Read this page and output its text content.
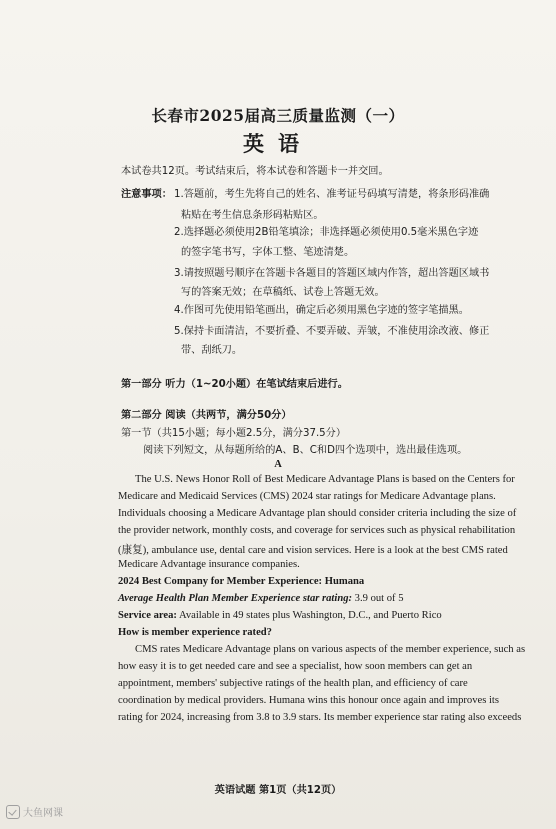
长春市2025届高三质量监测（一）
英语
本试卷共12页。考试结束后，将本试卷和答题卡一并交回。
注意事项： 1.答题前，考生先将自己的姓名、准考证号码填写清楚，将条形码准确
粘贴在考生信息条形码粘贴区。
2.选择题必须使用2B铅笔填涂；非选择题必须使用0.5毫米黑色字迹
的签字笔书写，字体工整、笔迹清楚。
3.请按照题号顺序在答题卡各题目的答题区域内作答，超出答题区域书
写的答案无效；在草稿纸、试卷上答题无效。
4.作图可先使用铅笔画出，确定后必须用黑色字迹的签字笔描黑。
5.保持卡面清洁，不要折叠、不要弄破、弄皱，不准使用涂改液、修正
带、刮纸刀。
第一部分 听力（1~20小题）在笔试结束后进行。
第二部分 阅读（共两节，满分50分）
第一节（共15小题；每小题2.5分，满分37.5分）
阅读下列短文，从每题所给的A、B、C和D四个选项中，选出最佳选项。
A
The U.S. News Honor Roll of Best Medicare Advantage Plans is based on the Centers for
Medicare and Medicaid Services (CMS) 2024 star ratings for Medicare Advantage plans.
Individuals choosing a Medicare Advantage plan should consider criteria including the size of
the provider network, monthly costs, and coverage for services such as physical rehabilitation
(康复), ambulance use, dental care and vision services. Here is a look at the best CMS rated
Medicare Advantage insurance companies.
2024 Best Company for Member Experience: Humana
Average Health Plan Member Experience star rating: 3.9 out of 5
Service area: Available in 49 states plus Washington, D.C., and Puerto Rico
How is member experience rated?
CMS rates Medicare Advantage plans on various aspects of the member experience, such as
how easy it is to get needed care and see a specialist, how soon members can get an
appointment, members' subjective ratings of the health plan, and efficiency of care
coordination by medical providers. Humana wins this honour once again and improves its
rating for 2024, increasing from 3.8 to 3.9 stars. Its member experience star rating also exceeds
英语试题 第1页（共12页）
大鱼网课
